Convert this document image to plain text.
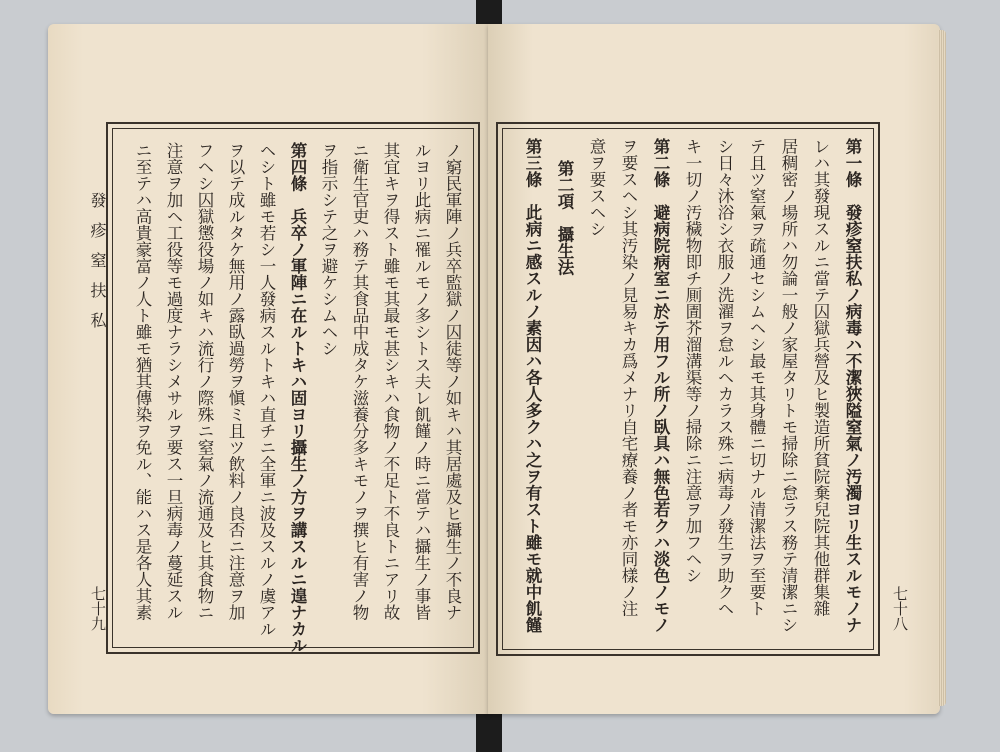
發疹窒扶私	ノ窮民軍陣ノ兵卒監獄ノ囚徒等ノ如キハ其居處及ヒ攝生ノ不良ナ
ルヨリ此病ニ罹ルモノ多シトス夫レ飢饉ノ時ニ當テハ攝生ノ事皆
其宜キヲ得スト雖モ其最モ甚シキハ食物ノ不足ト不良トニアリ故
ニ衛生官吏ハ務テ其食品中成タケ滋養分多キモノヲ撰ヒ有害ノ物
ヲ指示シテ之ヲ避ケシムヘシ
第四條　兵卒ノ軍陣ニ在ルトキハ固ヨリ攝生ノ方ヲ講スルニ遑ナカル
ヘシト雖モ若シ一人發病スルトキハ直チニ全軍ニ波及スルノ虞アル
ヲ以テ成ルタケ無用ノ露臥過勞ヲ愼ミ且ツ飲料ノ良否ニ注意ヲ加
フヘシ囚獄懲役場ノ如キハ流行ノ際殊ニ窒氣ノ流通及ヒ其食物ニ
注意ヲ加ヘ工役等モ過度ナラシメサルヲ要ス一旦病毒ノ蔓延スル
ニ至テハ高貴豪富ノ人ト雖モ猶其傳染ヲ免ル、能ハス是各人其素
七十九	第一條　發疹窒扶私ノ病毒ハ不潔狹隘窒氣ノ汚濁ヨリ生スルモノナ
レハ其發現スルニ當テ囚獄兵營及ヒ製造所貧院棄兒院其他群集雜
居稠密ノ場所ハ勿論一般ノ家屋タリトモ掃除ニ怠ラス務テ清潔ニシ
テ且ツ窒氣ヲ疏通セシムヘシ最モ其身體ニ切ナル清潔法ヲ至要ト
シ日々沐浴シ衣服ノ洗濯ヲ怠ルヘカラス殊ニ病毒ノ發生ヲ助クヘ
キ一切ノ汚穢物即チ厠圊芥溜溝渠等ノ掃除ニ注意ヲ加フヘシ
第二條　避病院病室ニ於テ用フル所ノ臥具ハ無色若クハ淡色ノモノ
ヲ要スヘシ其汚染ノ見易キカ爲メナリ自宅療養ノ者モ亦同樣ノ注
意ヲ要スヘシ
第二項　攝生法
第三條　此病ニ感スルノ素因ハ各人多クハ之ヲ有スト雖モ就中飢饉	七十八
